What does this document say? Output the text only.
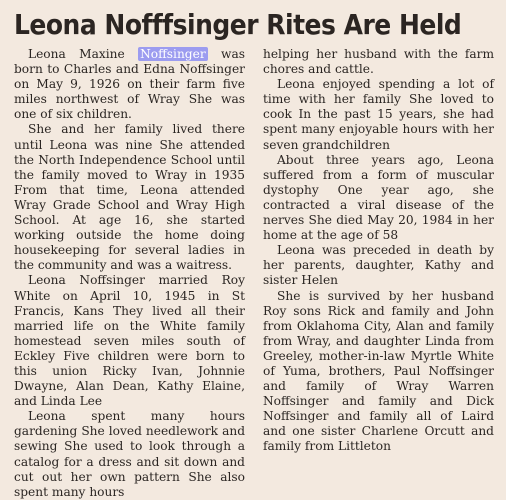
Leona Nofffsinger Rites Are Held

Leona Maxine Noffsinger was born to Charles and Edna Noffsinger on May 9, 1926 on their farm five miles northwest of Wray She was one of six children.

She and her family lived there until Leona was nine She attended the North Independence School until the family moved to Wray in 1935 From that time, Leona attended Wray Grade School and Wray High School. At age 16, she started working outside the home doing housekeeping for several ladies in the community and was a waitress.

Leona Noffsinger married Roy White on April 10, 1945 in St Francis, Kans They lived all their married life on the White family homestead seven miles south of Eckley Five children were born to this union Ricky Ivan, Johnnie Dwayne, Alan Dean, Kathy Elaine, and Linda Lee

Leona spent many hours gardening She loved needlework and sewing She used to look through a catalog for a dress and sit down and cut out her own pattern She also spent many hours

helping her husband with the farm chores and cattle.

Leona enjoyed spending a lot of time with her family She loved to cook In the past 15 years, she had spent many enjoyable hours with her seven grandchildren

About three years ago, Leona suffered from a form of muscular dystophy One year ago, she contracted a viral disease of the nerves She died May 20, 1984 in her home at the age of 58

Leona was preceded in death by her parents, daughter, Kathy and sister Helen

She is survived by her husband Roy sons Rick and family and John from Oklahoma City, Alan and family from Wray, and daughter Linda from Greeley, mother-in-law Myrtle White of Yuma, brothers, Paul Noffsinger and family of Wray Warren Noffsinger and family and Dick Noffsinger and family all of Laird and one sister Charlene Orcutt and family from Littleton
